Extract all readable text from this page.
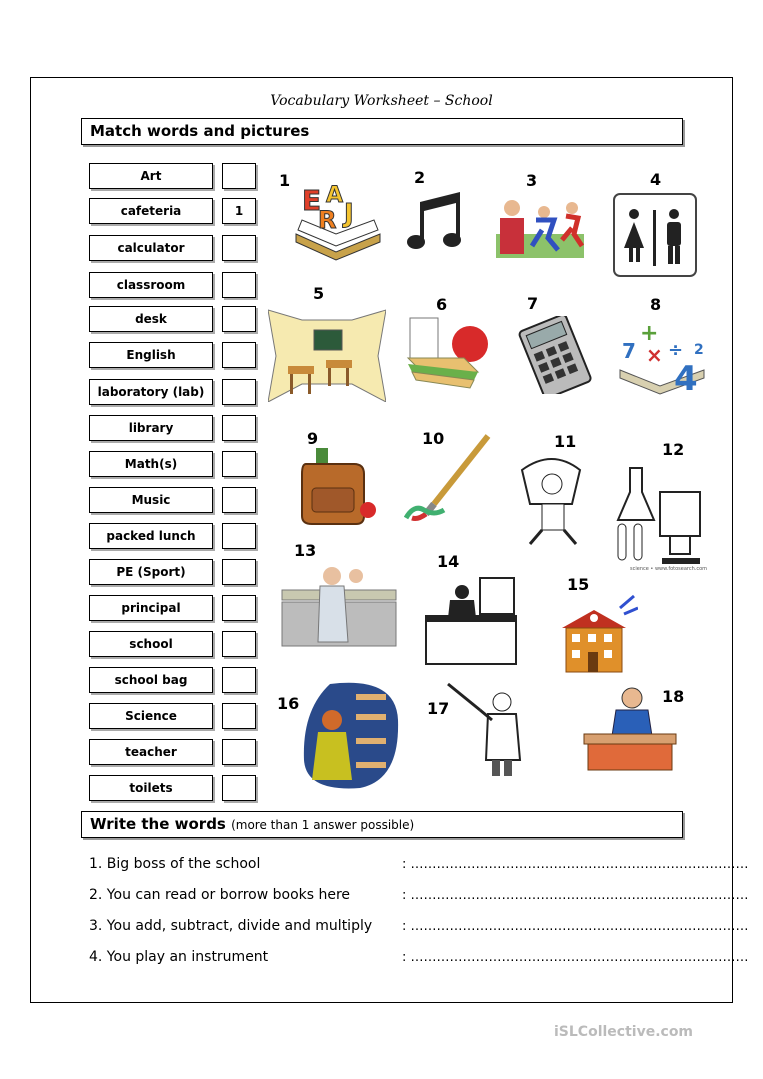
Vocabulary Worksheet – School
Match words and pictures
Art
cafeteria	1
calculator
classroom
desk
English
laboratory (lab)
library
Math(s)
Music
packed lunch
PE (Sport)
principal
school
school bag
Science
teacher
toilets
1	2	3	4
5
6	7	8
9	10	11	12
13
14
15
16	17
18
E A
R J
+
7 × ÷
4
2
science • www.fotosearch.com
Write the words (more than 1 answer possible)
1. Big boss of the school	: ……………………………………………………………………
2. You can read or borrow books here	: ……………………………………………………………………
3. You add, subtract, divide and multiply : ……………………………………………………………………
4. You play an instrument	: ……………………………………………………………………
iSLCollective.com
